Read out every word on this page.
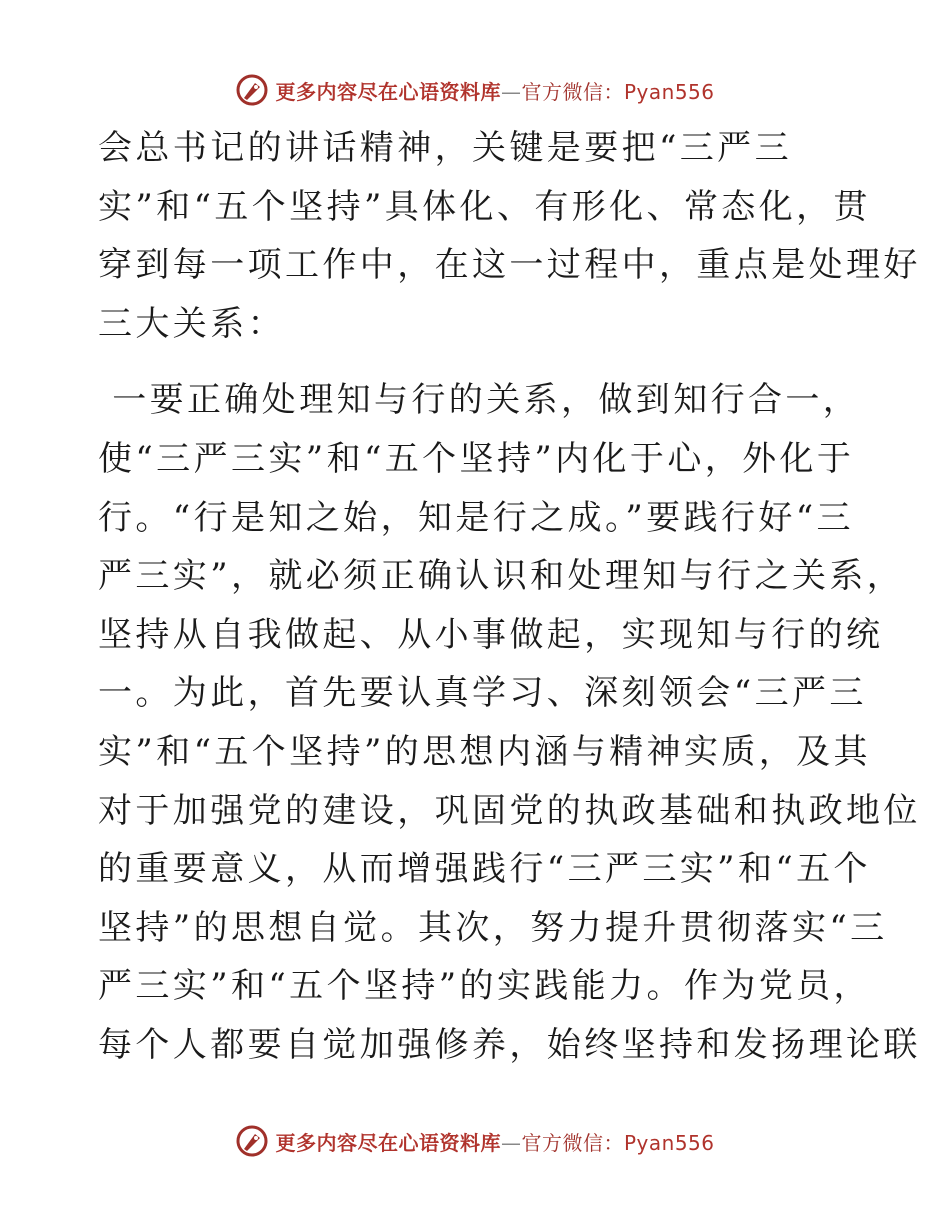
更多内容尽在心语资料库—官方微信：Pyan556
会总书记的讲话精神，关键是要把“三严三
实”和“五个坚持”具体化、有形化、常态化，贯
穿到每一项工作中，在这一过程中，重点是处理好
三大关系：
一要正确处理知与行的关系，做到知行合一，
使“三严三实”和“五个坚持”内化于心，外化于
行。“行是知之始，知是行之成。”要践行好“三
严三实”，就必须正确认识和处理知与行之关系，
坚持从自我做起、从小事做起，实现知与行的统
一。为此，首先要认真学习、深刻领会“三严三
实”和“五个坚持”的思想内涵与精神实质，及其
对于加强党的建设，巩固党的执政基础和执政地位
的重要意义，从而增强践行“三严三实”和“五个
坚持”的思想自觉。其次，努力提升贯彻落实“三
严三实”和“五个坚持”的实践能力。作为党员，
每个人都要自觉加强修养，始终坚持和发扬理论联
更多内容尽在心语资料库—官方微信：Pyan556
